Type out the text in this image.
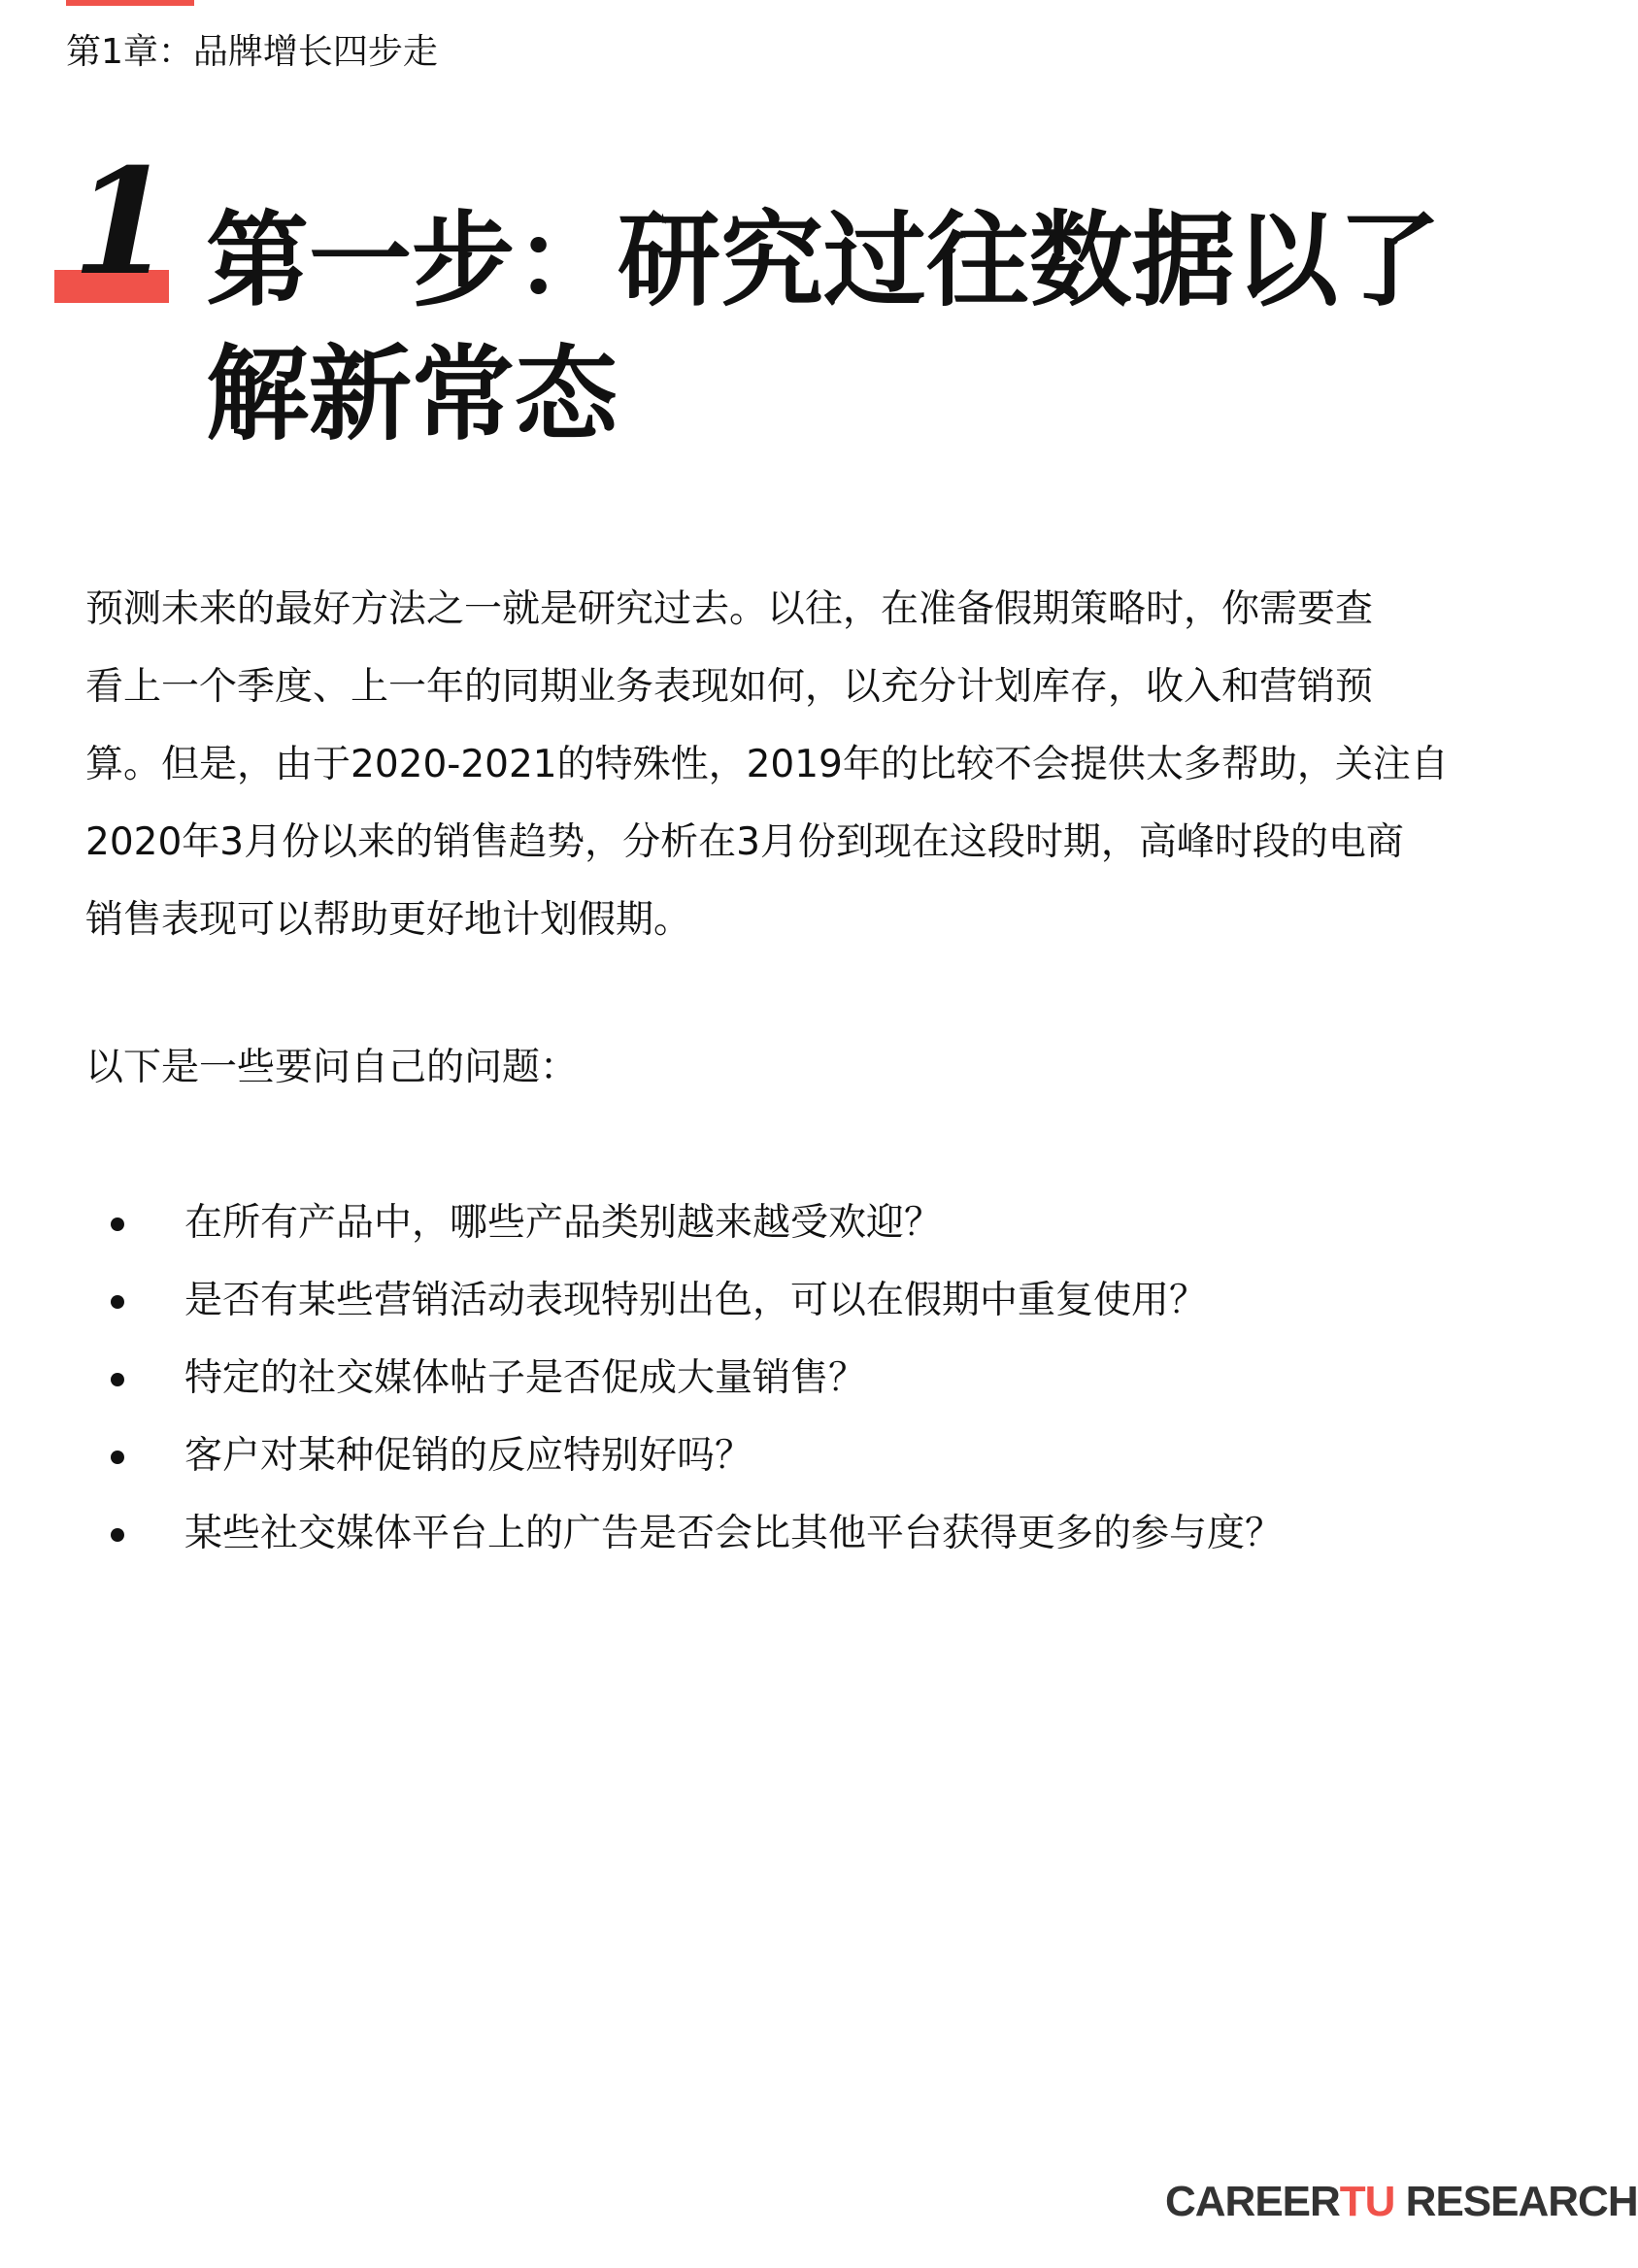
第1章：品牌增长四步走
1 第一步：研究过往数据以了
解新常态

预测未来的最好方法之一就是研究过去。以往，在准备假期策略时，你需要查
看上一个季度、上一年的同期业务表现如何，以充分计划库存，收入和营销预
算。但是，由于2020-2021的特殊性，2019年的比较不会提供太多帮助，关注自
2020年3月份以来的销售趋势，分析在3月份到现在这段时期，高峰时段的电商
销售表现可以帮助更好地计划假期。

以下是一些要问自己的问题：

在所有产品中，哪些产品类别越来越受欢迎？
是否有某些营销活动表现特别出色，可以在假期中重复使用？
特定的社交媒体帖子是否促成大量销售？
客户对某种促销的反应特别好吗？
某些社交媒体平台上的广告是否会比其他平台获得更多的参与度？
CAREERTU RESEARCH
